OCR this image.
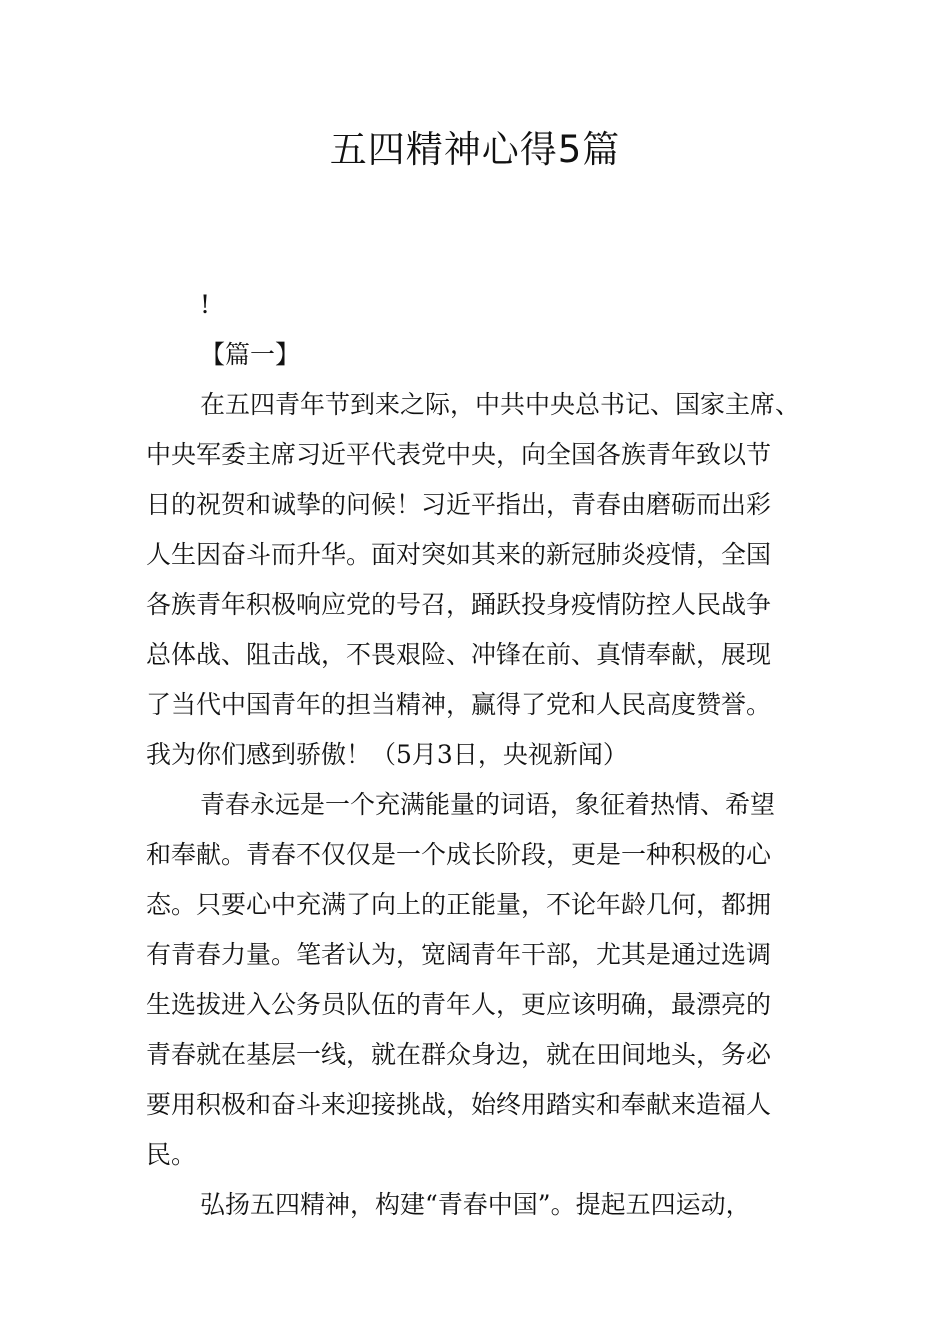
五四精神心得5篇
!
【篇一】
在五四青年节到来之际，中共中央总书记、国家主席、
中央军委主席习近平代表党中央，向全国各族青年致以节
日的祝贺和诚挚的问候！习近平指出，青春由磨砺而出彩
人生因奋斗而升华。面对突如其来的新冠肺炎疫情，全国
各族青年积极响应党的号召，踊跃投身疫情防控人民战争
总体战、阻击战，不畏艰险、冲锋在前、真情奉献，展现
了当代中国青年的担当精神，赢得了党和人民高度赞誉。
我为你们感到骄傲！（5月3日，央视新闻）
青春永远是一个充满能量的词语，象征着热情、希望
和奉献。青春不仅仅是一个成长阶段，更是一种积极的心
态。只要心中充满了向上的正能量，不论年龄几何，都拥
有青春力量。笔者认为，宽阔青年干部，尤其是通过选调
生选拔进入公务员队伍的青年人，更应该明确，最漂亮的
青春就在基层一线，就在群众身边，就在田间地头，务必
要用积极和奋斗来迎接挑战，始终用踏实和奉献来造福人
民。
弘扬五四精神，构建“青春中国”。提起五四运动，
